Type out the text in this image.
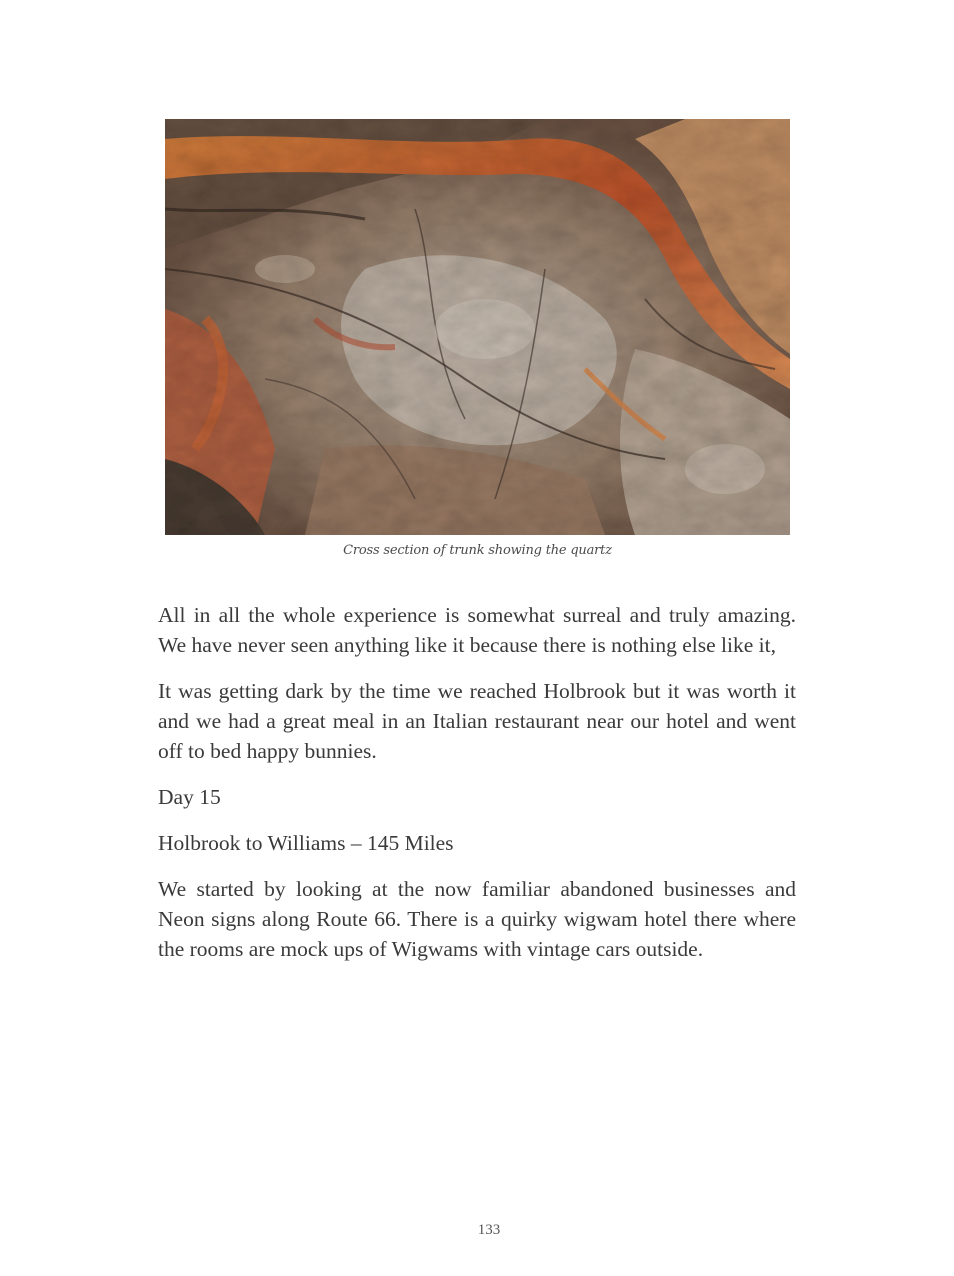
Cross section of trunk showing the quartz

All in all the whole experience is somewhat surreal and truly amazing. We have never seen anything like it because there is nothing else like it,

It was getting dark by the time we reached Holbrook but it was worth it and we had a great meal in an Italian restaurant near our hotel and went off to bed happy bunnies.

Day 15

Holbrook to Williams – 145 Miles

We started by looking at the now familiar abandoned businesses and Neon signs along Route 66. There is a quirky wigwam hotel there where the rooms are mock ups of Wigwams with vintage cars outside.

133
